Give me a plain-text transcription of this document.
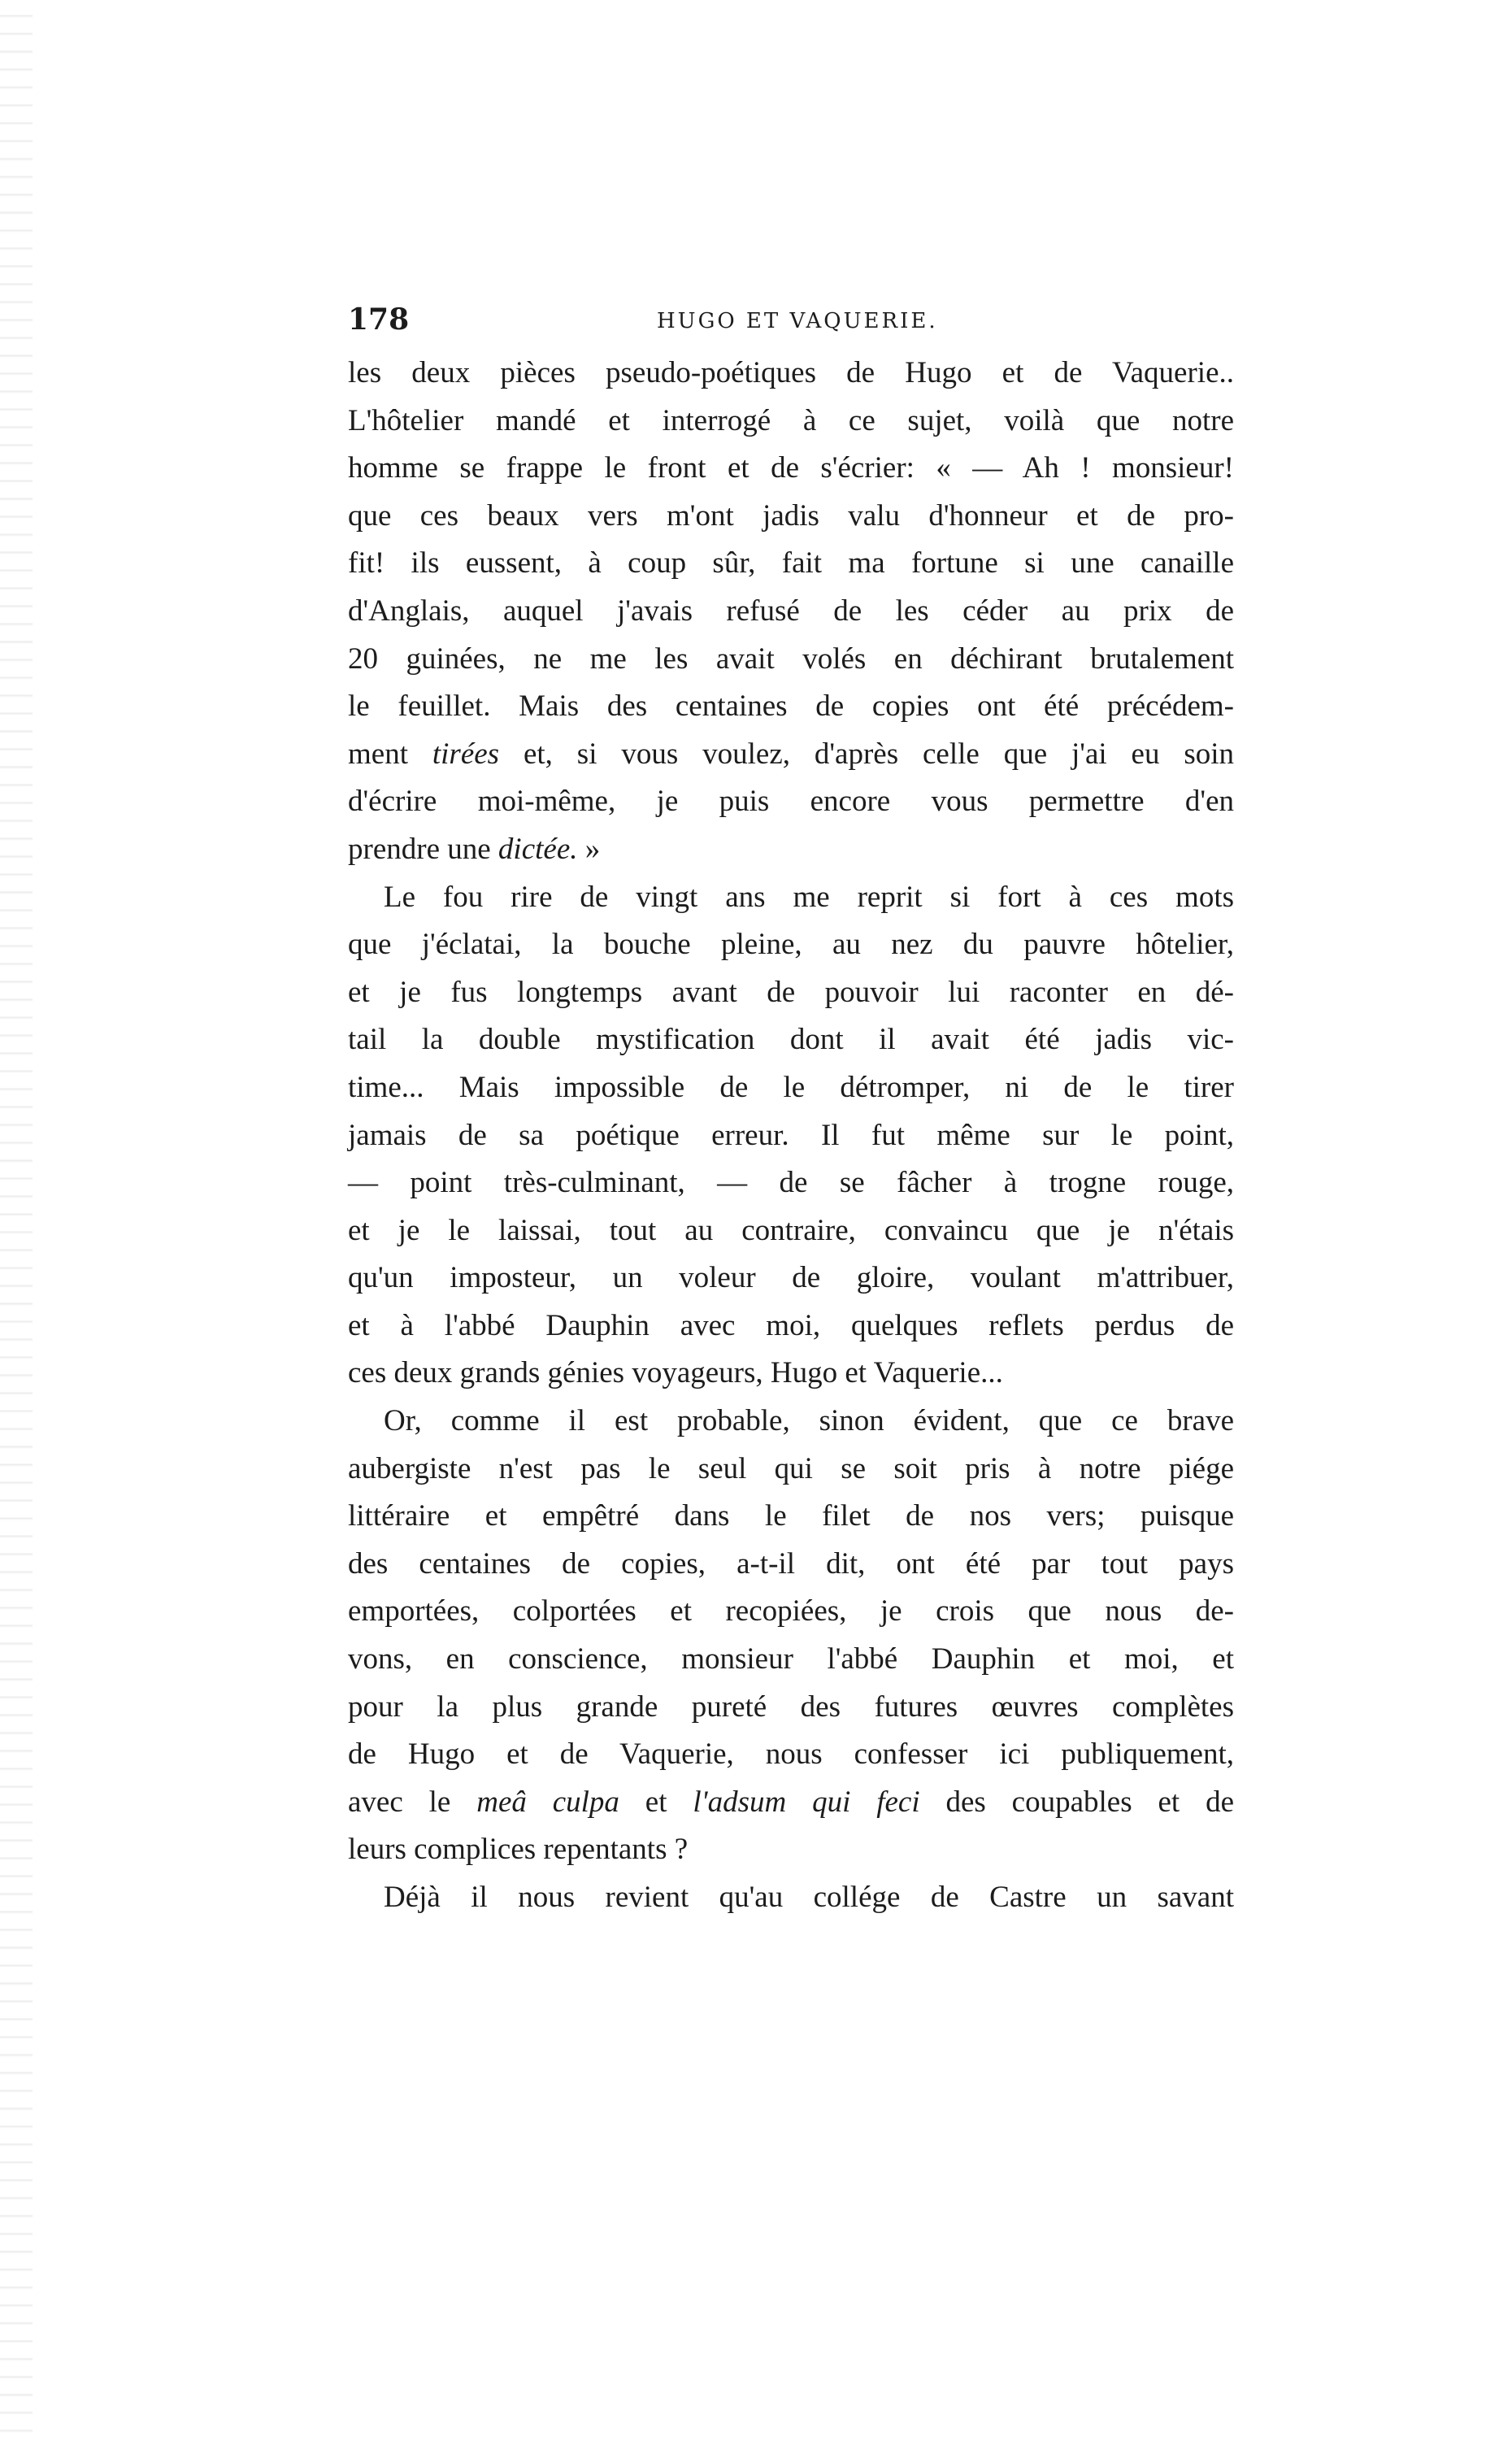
178	HUGO ET VAQUERIE.
les deux pièces pseudo-poétiques de Hugo et de Vaquerie..
L'hôtelier mandé et interrogé à ce sujet, voilà que notre
homme se frappe le front et de s'écrier: « — Ah ! monsieur!
que ces beaux vers m'ont jadis valu d'honneur et de pro-
fit! ils eussent, à coup sûr, fait ma fortune si une canaille
d'Anglais, auquel j'avais refusé de les céder au prix de
20 guinées, ne me les avait volés en déchirant brutalement
le feuillet. Mais des centaines de copies ont été précédem-
ment tirées et, si vous voulez, d'après celle que j'ai eu soin
d'écrire moi-même, je puis encore vous permettre d'en
prendre une dictée. »
Le fou rire de vingt ans me reprit si fort à ces mots
que j'éclatai, la bouche pleine, au nez du pauvre hôtelier,
et je fus longtemps avant de pouvoir lui raconter en dé-
tail la double mystification dont il avait été jadis vic-
time... Mais impossible de le détromper, ni de le tirer
jamais de sa poétique erreur. Il fut même sur le point,
— point très-culminant, — de se fâcher à trogne rouge,
et je le laissai, tout au contraire, convaincu que je n'étais
qu'un imposteur, un voleur de gloire, voulant m'attribuer,
et à l'abbé Dauphin avec moi, quelques reflets perdus de
ces deux grands génies voyageurs, Hugo et Vaquerie...
Or, comme il est probable, sinon évident, que ce brave
aubergiste n'est pas le seul qui se soit pris à notre piége
littéraire et empêtré dans le filet de nos vers; puisque
des centaines de copies, a-t-il dit, ont été par tout pays
emportées, colportées et recopiées, je crois que nous de-
vons, en conscience, monsieur l'abbé Dauphin et moi, et
pour la plus grande pureté des futures œuvres complètes
de Hugo et de Vaquerie, nous confesser ici publiquement,
avec le meâ culpa et l'adsum qui feci des coupables et de
leurs complices repentants ?
Déjà il nous revient qu'au collége de Castre un savant
